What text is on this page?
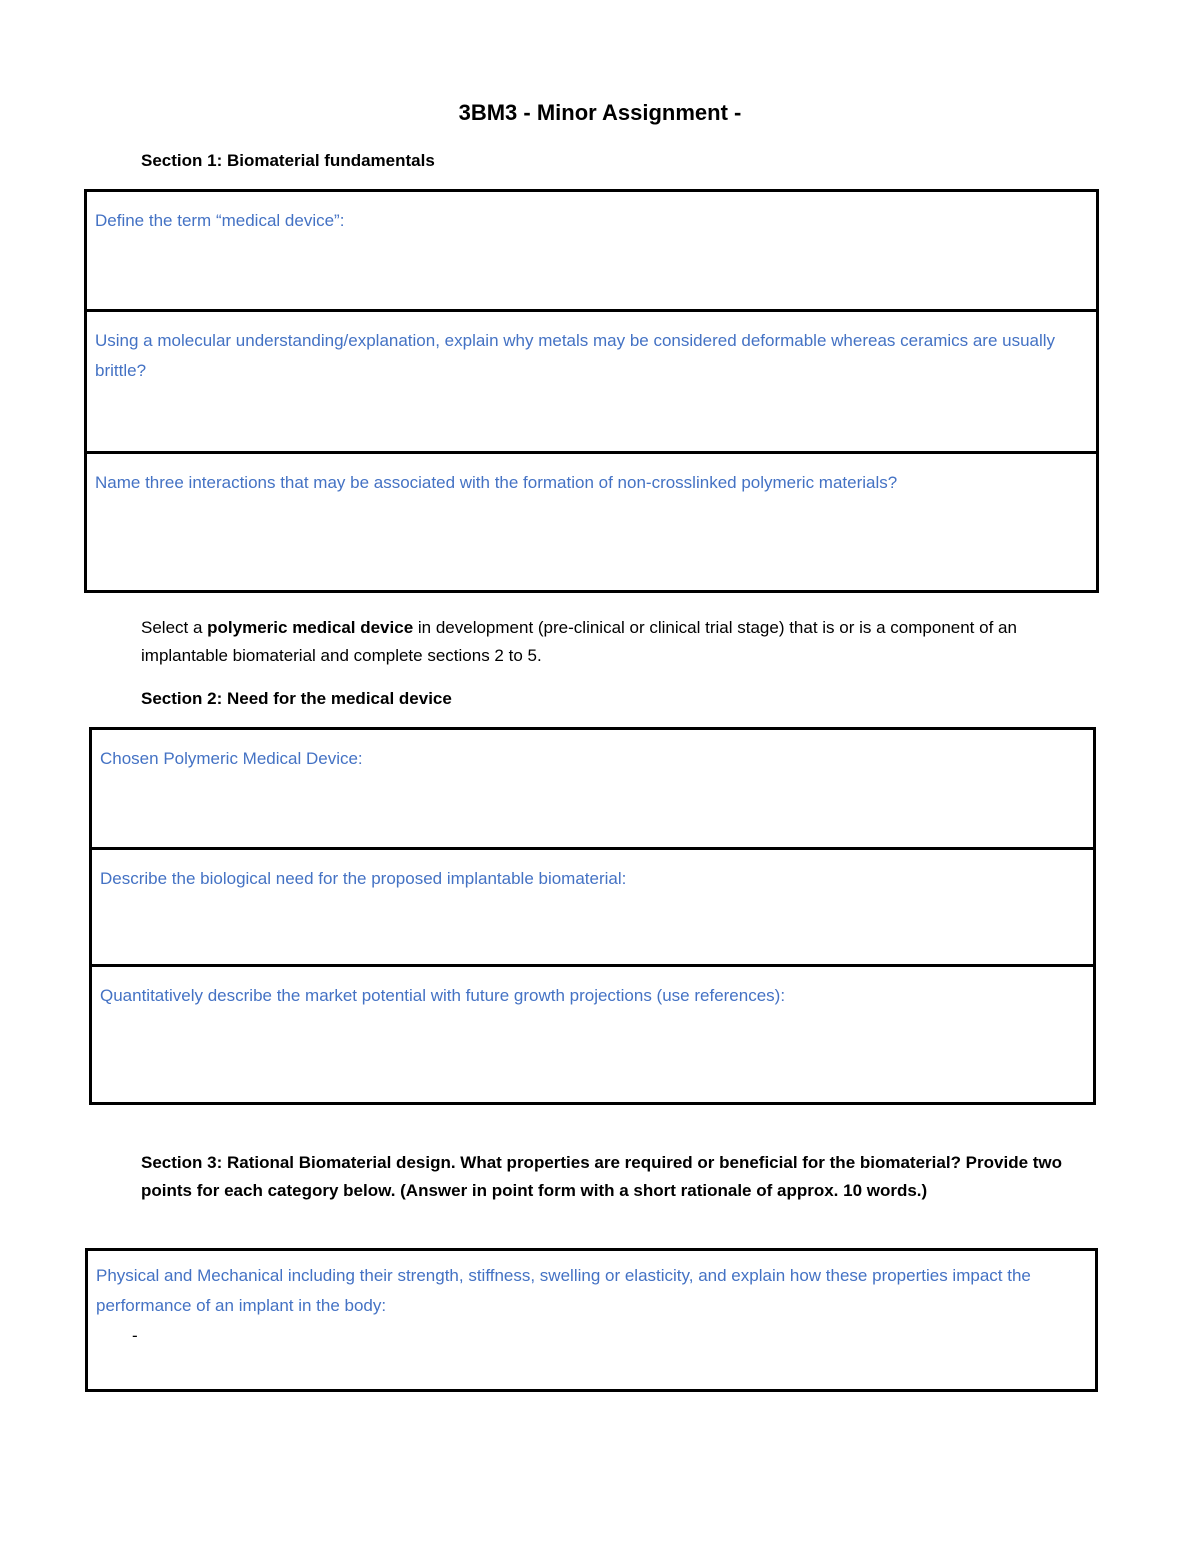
3BM3 - Minor Assignment -
Section 1: Biomaterial fundamentals
Define the term “medical device”:
Using a molecular understanding/explanation, explain why metals may be considered deformable whereas ceramics are usually brittle?
Name three interactions that may be associated with the formation of non-crosslinked polymeric materials?
Select a polymeric medical device in development (pre-clinical or clinical trial stage) that is or is a component of an implantable biomaterial and complete sections 2 to 5.
Section 2: Need for the medical device
Chosen Polymeric Medical Device:
Describe the biological need for the proposed implantable biomaterial:
Quantitatively describe the market potential with future growth projections (use references):
Section 3: Rational Biomaterial design. What properties are required or beneficial for the biomaterial? Provide two points for each category below. (Answer in point form with a short rationale of approx. 10 words.)
Physical and Mechanical including their strength, stiffness, swelling or elasticity, and explain how these properties impact the performance of an implant in the body:
-
